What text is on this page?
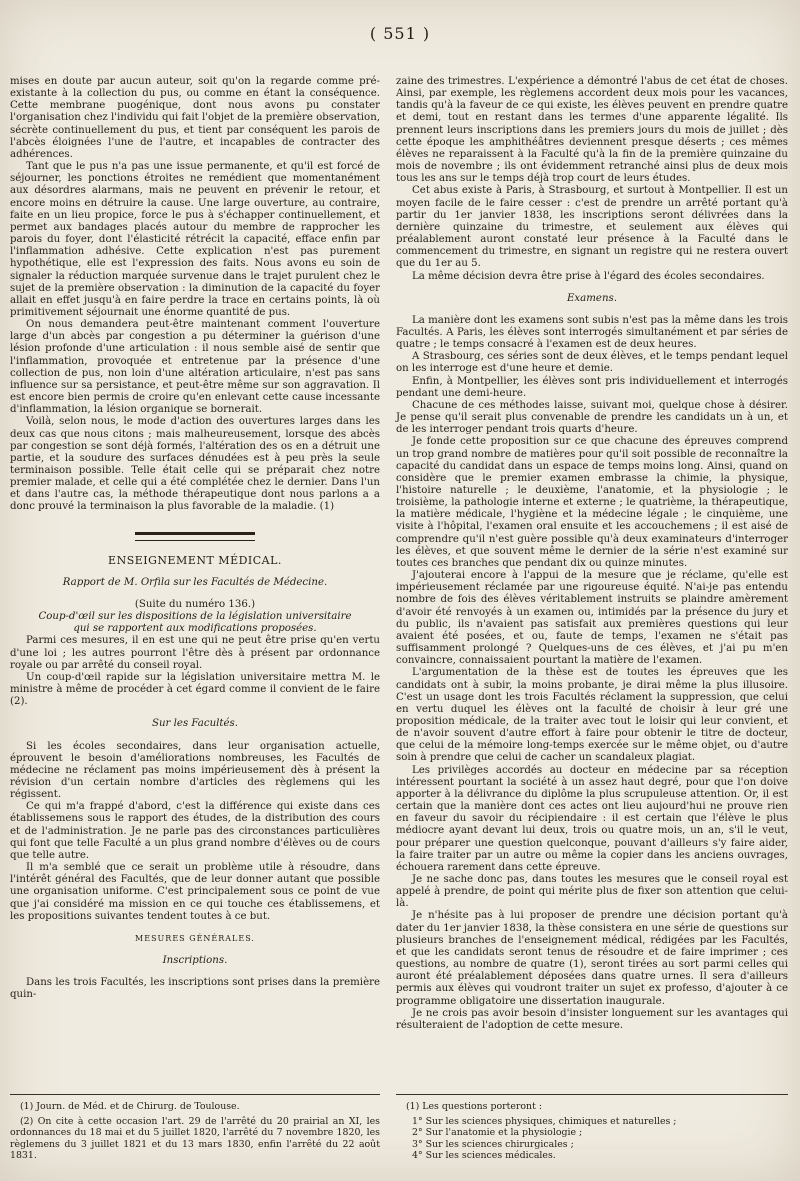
( 551 )

mises en doute par aucun auteur, soit qu'on la regarde comme pré-existante à la collection du pus, ou comme en étant la conséquence. Cette membrane puogénique, dont nous avons pu constater l'organisation chez l'individu qui fait l'objet de la première observation, sécrète continuellement du pus, et tient par conséquent les parois de l'abcès éloignées l'une de l'autre, et incapables de contracter des adhérences.

Tant que le pus n'a pas une issue permanente, et qu'il est forcé de séjourner, les ponctions étroites ne remédient que momentanément aux désordres alarmans, mais ne peuvent en prévenir le retour, et encore moins en détruire la cause. Une large ouverture, au contraire, faite en un lieu propice, force le pus à s'échapper continuellement, et permet aux bandages placés autour du membre de rapprocher les parois du foyer, dont l'élasticité rétrécit la capacité, efface enfin par l'inflammation adhésive. Cette explication n'est pas purement hypothétique, elle est l'expression des faits. Nous avons eu soin de signaler la réduction marquée survenue dans le trajet purulent chez le sujet de la première observation : la diminution de la capacité du foyer allait en effet jusqu'à en faire perdre la trace en certains points, là où primitivement séjournait une énorme quantité de pus.

On nous demandera peut-être maintenant comment l'ouverture large d'un abcès par congestion a pu déterminer la guérison d'une lésion profonde d'une articulation : il nous semble aisé de sentir que l'inflammation, provoquée et entretenue par la présence d'une collection de pus, non loin d'une altération articulaire, n'est pas sans influence sur sa persistance, et peut-être même sur son aggravation. Il est encore bien permis de croire qu'en enlevant cette cause incessante d'inflammation, la lésion organique se bornerait.

Voilà, selon nous, le mode d'action des ouvertures larges dans les deux cas que nous citons ; mais malheureusement, lorsque des abcès par congestion se sont déjà formés, l'altération des os en a détruit une partie, et la soudure des surfaces dénudées est à peu près la seule terminaison possible. Telle était celle qui se préparait chez notre premier malade, et celle qui a été complétée chez le dernier. Dans l'un et dans l'autre cas, la méthode thérapeutique dont nous parlons a a donc prouvé la terminaison la plus favorable de la maladie. (1)

ENSEIGNEMENT MÉDICAL.

Rapport de M. Orfila sur les Facultés de Médecine.

(Suite du numéro 136.)

Coup-d'œil sur les dispositions de la législation universitaire qui se rapportent aux modifications proposées.

Parmi ces mesures, il en est une qui ne peut être prise qu'en vertu d'une loi ; les autres pourront l'être dès à présent par ordonnance royale ou par arrêté du conseil royal.

Un coup-d'œil rapide sur la législation universitaire mettra M. le ministre à même de procéder à cet égard comme il convient de le faire (2).

Sur les Facultés.

Si les écoles secondaires, dans leur organisation actuelle, éprouvent le besoin d'améliorations nombreuses, les Facultés de médecine ne réclament pas moins impérieusement dès à présent la révision d'un certain nombre d'articles des règlemens qui les régissent.

Ce qui m'a frappé d'abord, c'est la différence qui existe dans ces établissemens sous le rapport des études, de la distribution des cours et de l'administration. Je ne parle pas des circonstances particulières qui font que telle Faculté a un plus grand nombre d'élèves ou de cours que telle autre.

Il m'a semblé que ce serait un problème utile à résoudre, dans l'intérêt général des Facultés, que de leur donner autant que possible une organisation uniforme. C'est principalement sous ce point de vue que j'ai considéré ma mission en ce qui touche ces établissemens, et les propositions suivantes tendent toutes à ce but.

MESURES GÉNÉRALES.

Inscriptions.

Dans les trois Facultés, les inscriptions sont prises dans la première quin-

zaine des trimestres. L'expérience a démontré l'abus de cet état de choses. Ainsi, par exemple, les règlemens accordent deux mois pour les vacances, tandis qu'à la faveur de ce qui existe, les élèves peuvent en prendre quatre et demi, tout en restant dans les termes d'une apparente légalité. Ils prennent leurs inscriptions dans les premiers jours du mois de juillet ; dès cette époque les amphithéâtres deviennent presque déserts ; ces mêmes élèves ne reparaissent à la Faculté qu'à la fin de la première quinzaine du mois de novembre ; ils ont évidemment retranché ainsi plus de deux mois tous les ans sur le temps déjà trop court de leurs études.

Cet abus existe à Paris, à Strasbourg, et surtout à Montpellier. Il est un moyen facile de le faire cesser : c'est de prendre un arrêté portant qu'à partir du 1er janvier 1838, les inscriptions seront délivrées dans la dernière quinzaine du trimestre, et seulement aux élèves qui préalablement auront constaté leur présence à la Faculté dans le commencement du trimestre, en signant un registre qui ne restera ouvert que du 1er au 5.

La même décision devra être prise à l'égard des écoles secondaires.

Examens.

La manière dont les examens sont subis n'est pas la même dans les trois Facultés. A Paris, les élèves sont interrogés simultanément et par séries de quatre ; le temps consacré à l'examen est de deux heures.

A Strasbourg, ces séries sont de deux élèves, et le temps pendant lequel on les interroge est d'une heure et demie.

Enfin, à Montpellier, les élèves sont pris individuellement et interrogés pendant une demi-heure.

Chacune de ces méthodes laisse, suivant moi, quelque chose à désirer. Je pense qu'il serait plus convenable de prendre les candidats un à un, et de les interroger pendant trois quarts d'heure.

Je fonde cette proposition sur ce que chacune des épreuves comprend un trop grand nombre de matières pour qu'il soit possible de reconnaître la capacité du candidat dans un espace de temps moins long. Ainsi, quand on considère que le premier examen embrasse la chimie, la physique, l'histoire naturelle ; le deuxième, l'anatomie, et la physiologie ; le troisième, la pathologie interne et externe ; le quatrième, la thérapeutique, la matière médicale, l'hygiène et la médecine légale ; le cinquième, une visite à l'hôpital, l'examen oral ensuite et les accouchemens ; il est aisé de comprendre qu'il n'est guère possible qu'à deux examinateurs d'interroger les élèves, et que souvent même le dernier de la série n'est examiné sur toutes ces branches que pendant dix ou quinze minutes.

J'ajouterai encore à l'appui de la mesure que je réclame, qu'elle est impérieusement réclamée par une rigoureuse équité. N'ai-je pas entendu nombre de fois des élèves véritablement instruits se plaindre amèrement d'avoir été renvoyés à un examen ou, intimidés par la présence du jury et du public, ils n'avaient pas satisfait aux premières questions qui leur avaient été posées, et ou, faute de temps, l'examen ne s'était pas suffisamment prolongé ? Quelques-uns de ces élèves, et j'ai pu m'en convaincre, connaissaient pourtant la matière de l'examen.

L'argumentation de la thèse est de toutes les épreuves que les candidats ont à subir, la moins probante, je dirai même la plus illusoire. C'est un usage dont les trois Facultés réclament la suppression, que celui en vertu duquel les élèves ont la faculté de choisir à leur gré une proposition médicale, de la traiter avec tout le loisir qui leur convient, et de n'avoir souvent d'autre effort à faire pour obtenir le titre de docteur, que celui de la mémoire long-temps exercée sur le même objet, ou d'autre soin à prendre que celui de cacher un scandaleux plagiat.

Les privilèges accordés au docteur en médecine par sa réception intéressent pourtant la société à un assez haut degré, pour que l'on doive apporter à la délivrance du diplôme la plus scrupuleuse attention. Or, il est certain que la manière dont ces actes ont lieu aujourd'hui ne prouve rien en faveur du savoir du récipiendaire : il est certain que l'élève le plus médiocre ayant devant lui deux, trois ou quatre mois, un an, s'il le veut, pour préparer une question quelconque, pouvant d'ailleurs s'y faire aider, la faire traiter par un autre ou même la copier dans les anciens ouvrages, échouera rarement dans cette épreuve.

Je ne sache donc pas, dans toutes les mesures que le conseil royal est appelé à prendre, de point qui mérite plus de fixer son attention que celui-là.

Je n'hésite pas à lui proposer de prendre une décision portant qu'à dater du 1er janvier 1838, la thèse consistera en une série de questions sur plusieurs branches de l'enseignement médical, rédigées par les Facultés, et que les candidats seront tenus de résoudre et de faire imprimer ; ces questions, au nombre de quatre (1), seront tirées au sort parmi celles qui auront été préalablement déposées dans quatre urnes. Il sera d'ailleurs permis aux élèves qui voudront traiter un sujet ex professo, d'ajouter à ce programme obligatoire une dissertation inaugurale.

Je ne crois pas avoir besoin d'insister longuement sur les avantages qui résulteraient de l'adoption de cette mesure.

(1) Journ. de Méd. et de Chirurg. de Toulouse.

(2) On cite à cette occasion l'art. 29 de l'arrêté du 20 prairial an XI, les ordonnances du 18 mai et du 5 juillet 1820, l'arrêté du 7 novembre 1820, les règlemens du 3 juillet 1821 et du 13 mars 1830, enfin l'arrêté du 22 août 1831.

(1) Les questions porteront :

1° Sur les sciences physiques, chimiques et naturelles ;

2° Sur l'anatomie et la physiologie ;

3° Sur les sciences chirurgicales ;

4° Sur les sciences médicales.
